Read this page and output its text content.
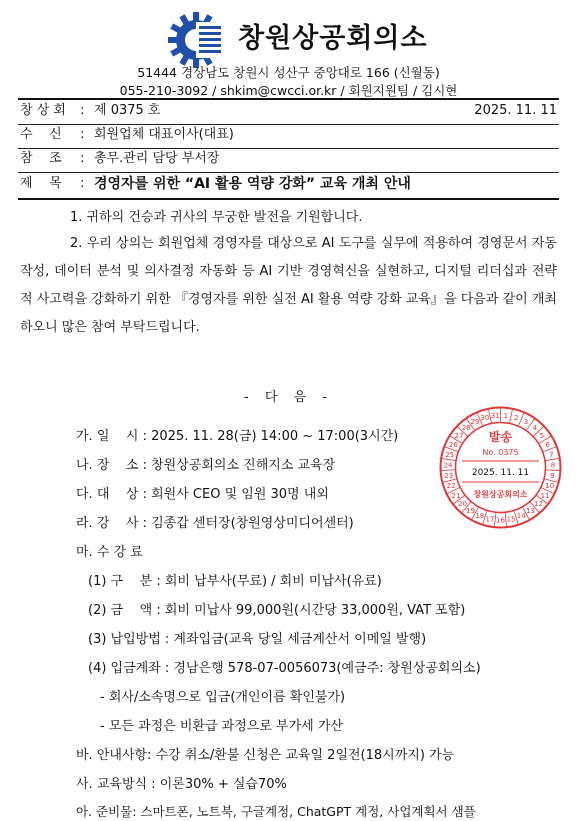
창원상공회의소
51444 경상남도 창원시 성산구 중앙대로 166 (신월동)
055-210-3092 / shkim@cwcci.or.kr / 회원지원팀 / 김시현
창 상 회	: 제 0375 호	2025. 11. 11
수    신	: 회원업체 대표이사(대표)
참    조	: 총무.관리 담당 부서장
제    목	: 경영자를 위한 “AI 활용 역량 강화” 교육 개최 안내
1. 귀하의 건승과 귀사의 무궁한 발전을 기원합니다.
2. 우리 상의는 회원업체 경영자를 대상으로 AI 도구를 실무에 적용하여 경영문서 자동작성, 데이터 분석 및 의사결정 자동화 등 AI 기반 경영혁신을 실현하고, 디지털 리더십과 전략적 사고력을 강화하기 위한 『경영자를 위한 실전 AI 활용 역량 강화 교육』을 다음과 같이 개최하오니 많은 참여 부탁드립니다.
- 다 음 -
가. 일    시 : 2025. 11. 28(금) 14:00 ~ 17:00(3시간)
나. 장    소 : 창원상공회의소 진해지소 교육장
다. 대    상 : 회원사 CEO 및 임원 30명 내외
라. 강    사 : 김종갑 센터장(창원영상미디어센터)
마. 수 강 료
(1) 구    분 : 회비 납부사(무료) / 회비 미납사(유료)
(2) 금    액 : 회비 미납사 99,000원(시간당 33,000원, VAT 포함)
(3) 납입방법 : 계좌입금(교육 당일 세금계산서 이메일 발행)
(4) 입금계좌 : 경남은행 578-07-0056073(예금주: 창원상공회의소)
- 회사/소속명으로 입금(개인이름 확인불가)
- 모든 과정은 비환급 과정으로 부가세 가산
바. 안내사항: 수강 취소/환불 신청은 교육일 2일전(18시까지) 가능
사. 교육방식 : 이론30% + 실습70%
아. 준비물: 스마트폰, 노트북, 구글계정, ChatGPT 계정, 사업계획서 샘플
1 2
3
4
5
6
7
8
9
10
11
12
13
14
15
16
17
18
19
20
21
22
23
24
25
26
27
28
29
30 31
발송
No. 0375
2025. 11. 11
창원상공회의소
